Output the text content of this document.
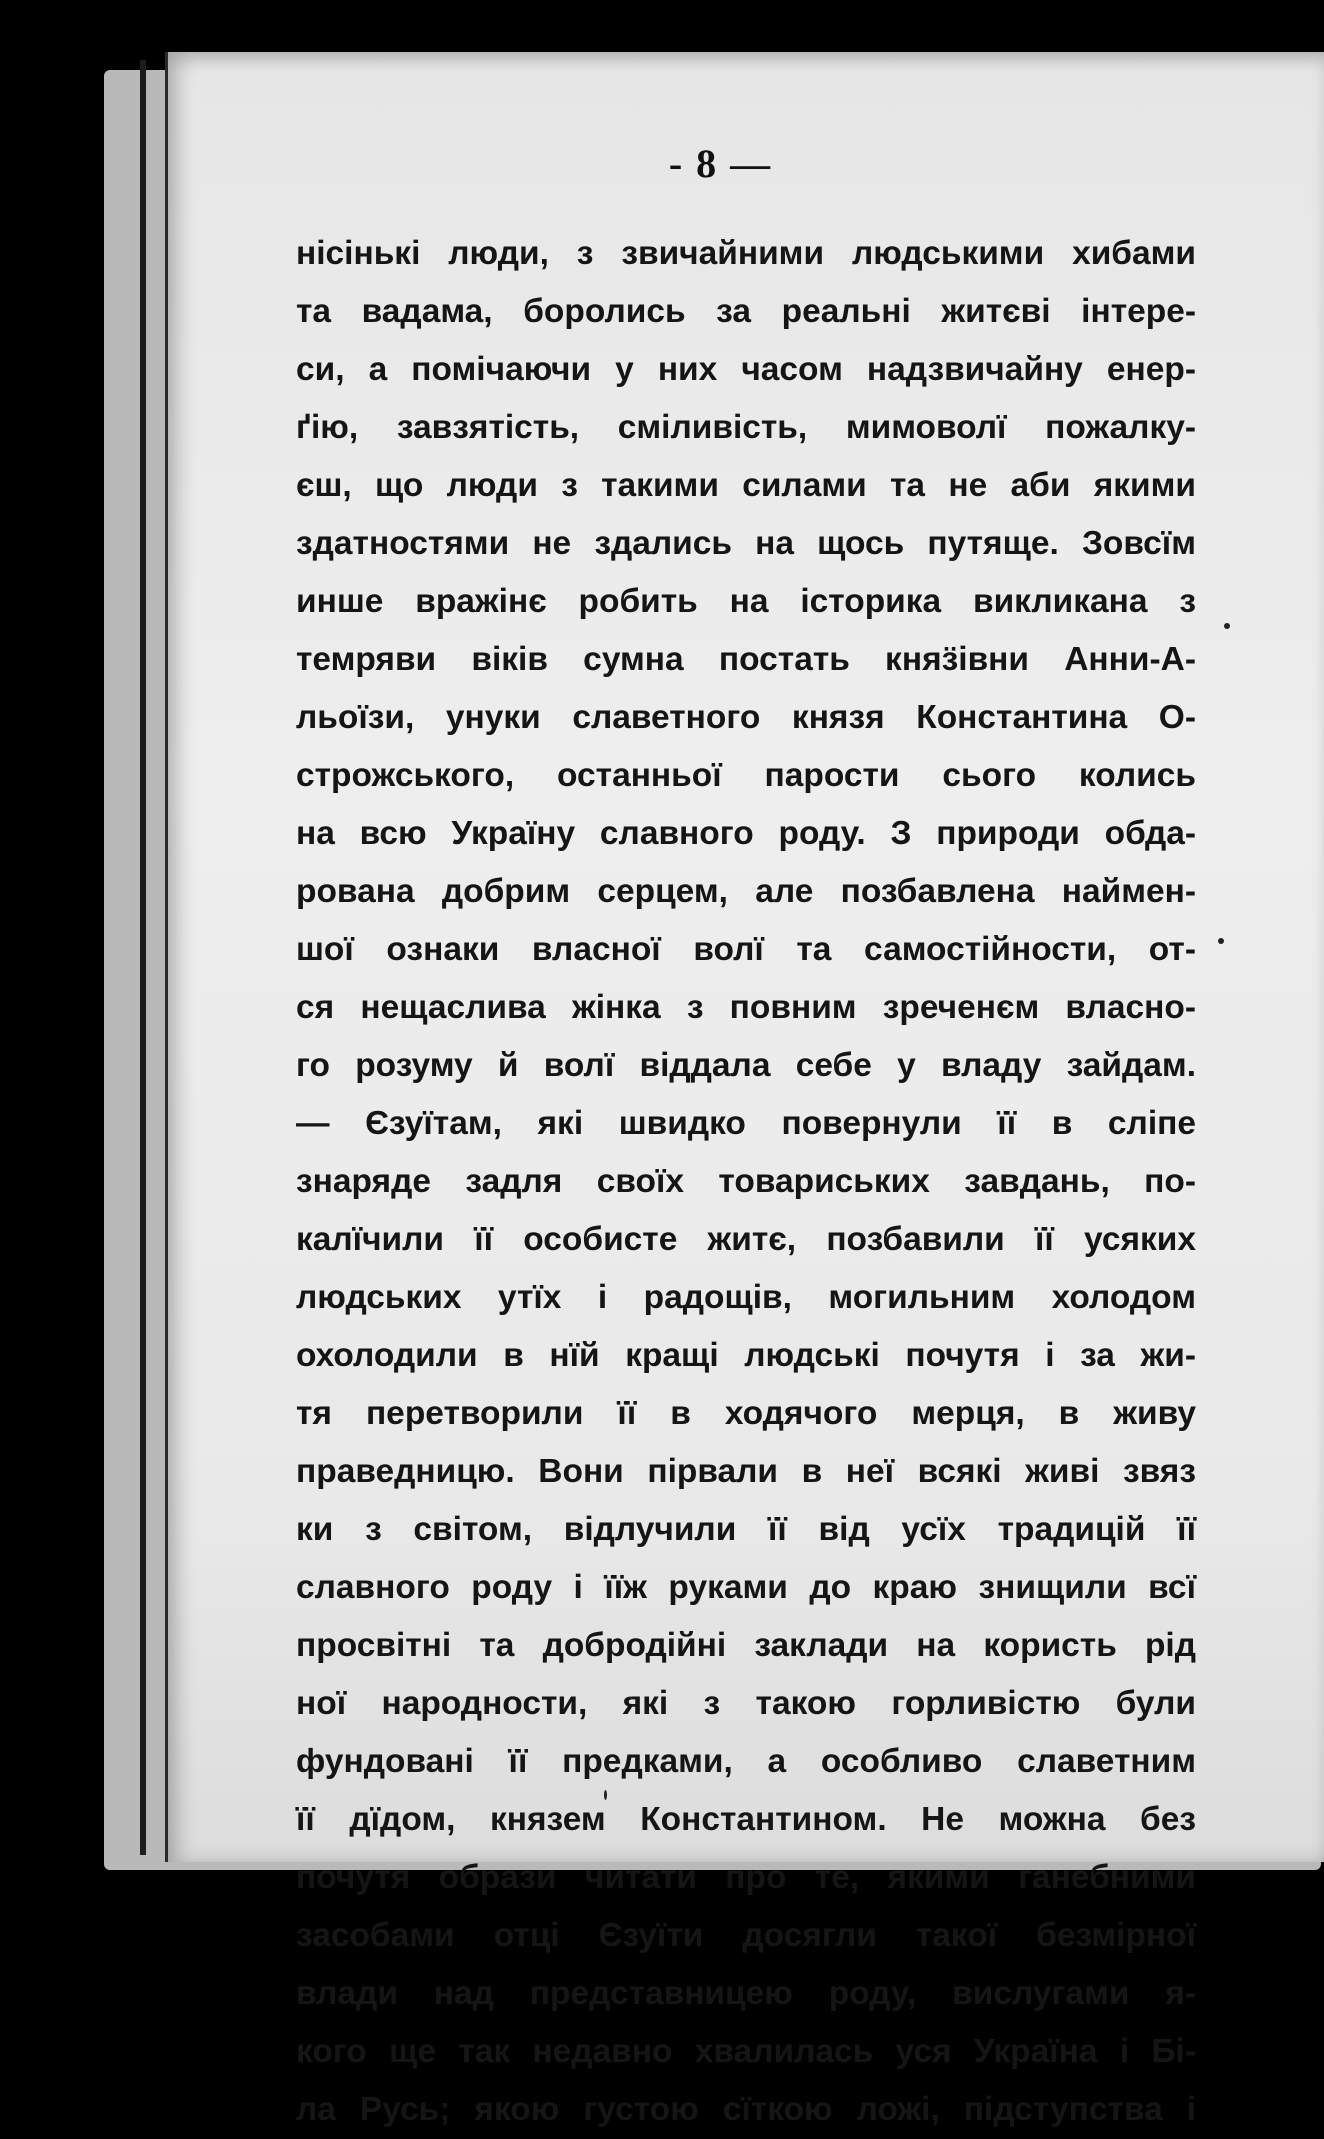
- 8 —
нісінькі люди, з звичайними людськими хибами
та вадама, боролись за реальні житєві інтере-
си, а помічаючи у них часом надзвичайну енер-
ґію, завзятість, сміливість, мимоволї пожалку-
єш, що люди з такими силами та не аби якими
здатностями не здались на щось путяще. Зовсїм
инше вражінє робить на історика викликана з
темряви віків сумна постать княӟівни Анни-А-
льоїзи, унуки славетного князя Константина О-
строжського, останньої парости сього колись
на всю Україну славного роду. З природи обда-
рована добрим серцем, але позбавлена наймен-
шої ознаки власної волї та самостійности, от-
ся нещаслива жінка з повним зреченєм власно-
го розуму й волї віддала себе у владу зайдам.
— Єзуїтам, які швидко повернули її в сліпе
знаряде задля своїх товариських завдань, по-
калїчили її особисте житє, позбавили її усяких
людських утїх і радощів, могильним холодом
охолодили в нїй кращі людські почутя і за жи-
тя перетворили її в ходячого мерця, в живу
праведницю. Вони пірвали в неї всякі живі звяз
ки з світом, відлучили її від усїх традицій її
славного роду і їїж руками до краю знищили всї
просвітні та добродійні заклади на користь рід
ної народности, які з такою горливістю були
фундовані її предками, а особливо славетним
її дїдом, князем Константином. Не можна без
почутя образи читати про те, якими ганебними
засобами отці Єзуїти досягли такої безмірної
влади над представницею роду, вислугами я-
кого ще так недавно хвалилась уся Україна і Бі-
ла Русь; якою густою сїткою ложі, підступства і
